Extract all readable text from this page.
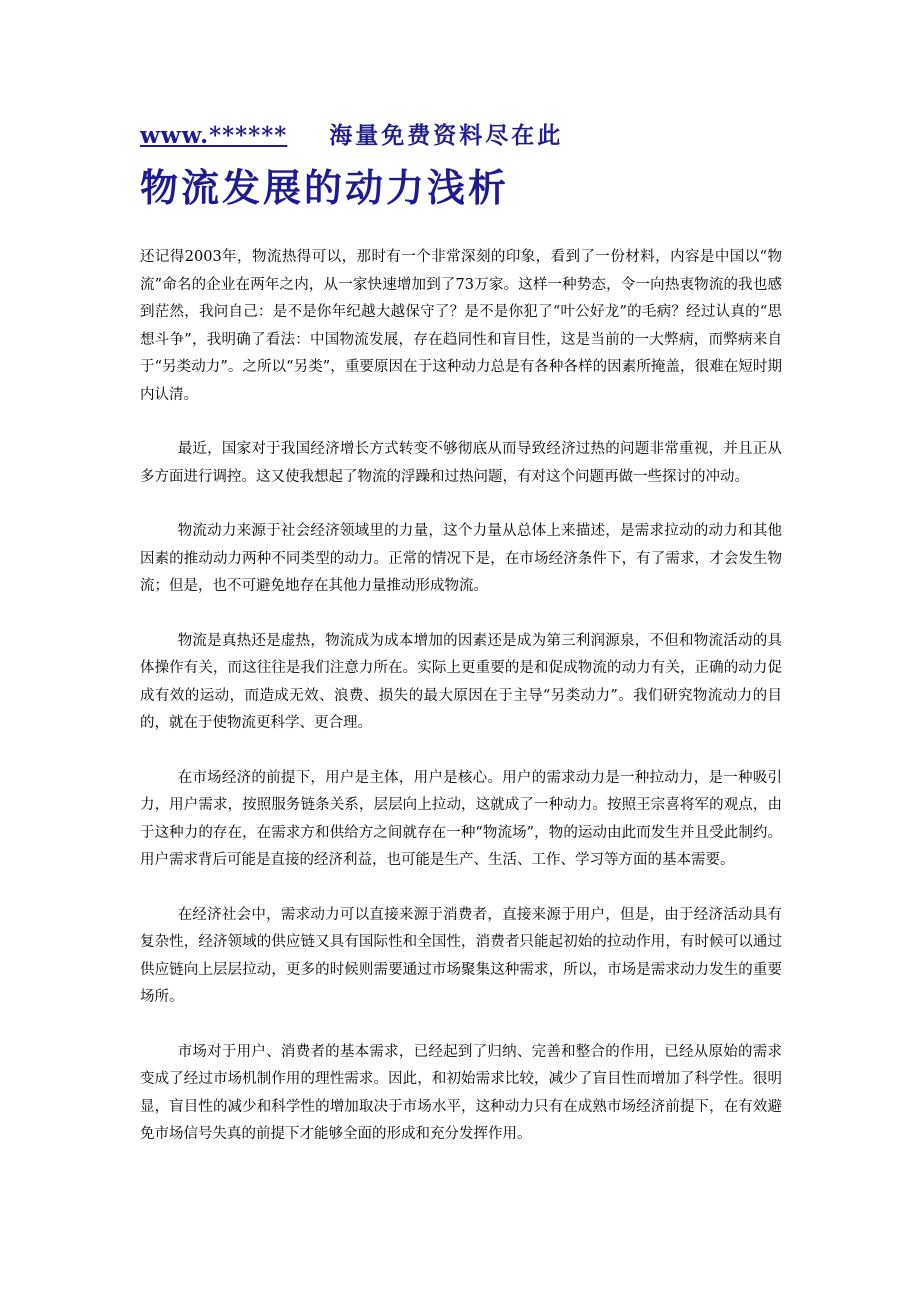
www.****** 海量免费资料尽在此
物流发展的动力浅析

还记得2003年，物流热得可以，那时有一个非常深刻的印象，看到了一份材料，内容是中国以“物流”命名的企业在两年之内，从一家快速增加到了73万家。这样一种势态，令一向热衷物流的我也感到茫然，我问自己：是不是你年纪越大越保守了？是不是你犯了“叶公好龙”的毛病？经过认真的“思想斗争”，我明确了看法：中国物流发展，存在趋同性和盲目性，这是当前的一大弊病，而弊病来自于“另类动力”。之所以“另类”，重要原因在于这种动力总是有各种各样的因素所掩盖，很难在短时期内认清。

最近，国家对于我国经济增长方式转变不够彻底从而导致经济过热的问题非常重视，并且正从多方面进行调控。这又使我想起了物流的浮躁和过热问题，有对这个问题再做一些探讨的冲动。

物流动力来源于社会经济领域里的力量，这个力量从总体上来描述，是需求拉动的动力和其他因素的推动动力两种不同类型的动力。正常的情况下是，在市场经济条件下，有了需求，才会发生物流；但是，也不可避免地存在其他力量推动形成物流。

物流是真热还是虚热，物流成为成本增加的因素还是成为第三利润源泉，不但和物流活动的具体操作有关，而这往往是我们注意力所在。实际上更重要的是和促成物流的动力有关，正确的动力促成有效的运动，而造成无效、浪费、损失的最大原因在于主导“另类动力”。我们研究物流动力的目的，就在于使物流更科学、更合理。

在市场经济的前提下，用户是主体，用户是核心。用户的需求动力是一种拉动力，是一种吸引力，用户需求，按照服务链条关系，层层向上拉动，这就成了一种动力。按照王宗喜将军的观点，由于这种力的存在，在需求方和供给方之间就存在一种“物流场”，物的运动由此而发生并且受此制约。用户需求背后可能是直接的经济利益，也可能是生产、生活、工作、学习等方面的基本需要。

在经济社会中，需求动力可以直接来源于消费者，直接来源于用户，但是，由于经济活动具有复杂性，经济领域的供应链又具有国际性和全国性，消费者只能起初始的拉动作用，有时候可以通过供应链向上层层拉动，更多的时候则需要通过市场聚集这种需求，所以，市场是需求动力发生的重要场所。

市场对于用户、消费者的基本需求，已经起到了归纳、完善和整合的作用，已经从原始的需求变成了经过市场机制作用的理性需求。因此，和初始需求比较，减少了盲目性而增加了科学性。很明显，盲目性的减少和科学性的增加取决于市场水平，这种动力只有在成熟市场经济前提下，在有效避免市场信号失真的前提下才能够全面的形成和充分发挥作用。
